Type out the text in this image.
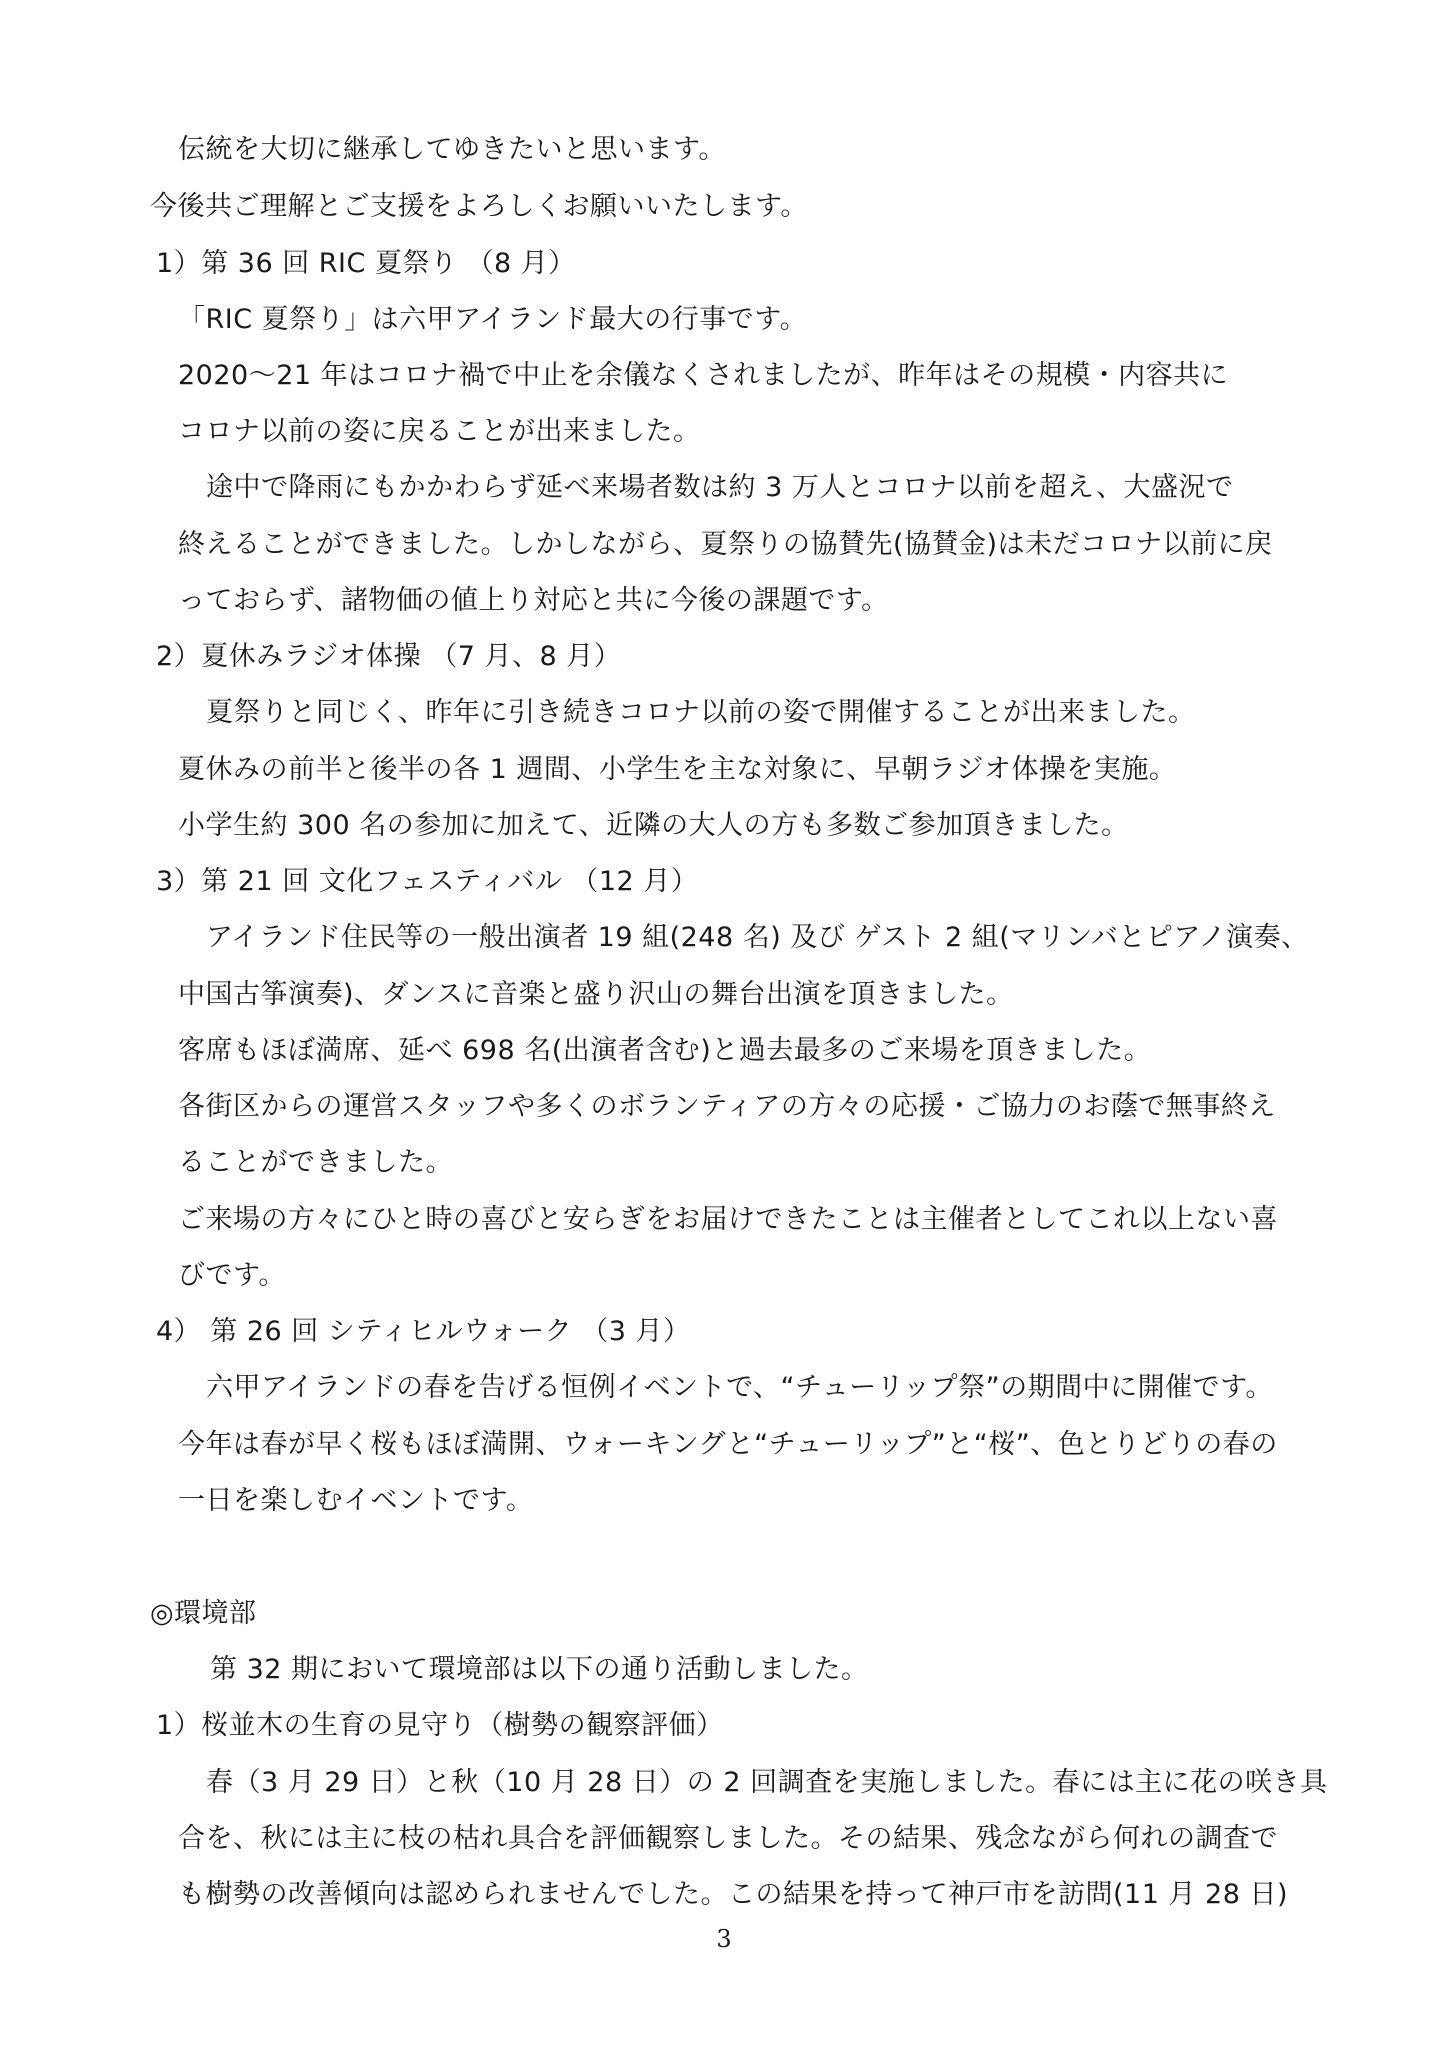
伝統を大切に継承してゆきたいと思います。

今後共ご理解とご支援をよろしくお願いいたします。

1）第 36 回 RIC 夏祭り （8 月）

「RIC 夏祭り」は六甲アイランド最大の行事です。

2020～21 年はコロナ禍で中止を余儀なくされましたが、昨年はその規模・内容共に

コロナ以前の姿に戻ることが出来ました。

途中で降雨にもかかわらず延べ来場者数は約 3 万人とコロナ以前を超え、大盛況で

終えることができました。しかしながら、夏祭りの協賛先(協賛金)は未だコロナ以前に戻

っておらず、諸物価の値上り対応と共に今後の課題です。

2）夏休みラジオ体操 （7 月、8 月）

夏祭りと同じく、昨年に引き続きコロナ以前の姿で開催することが出来ました。

夏休みの前半と後半の各 1 週間、小学生を主な対象に、早朝ラジオ体操を実施。

小学生約 300 名の参加に加えて、近隣の大人の方も多数ご参加頂きました。

3）第 21 回 文化フェスティバル （12 月）

アイランド住民等の一般出演者 19 組(248 名) 及び ゲスト 2 組(マリンバとピアノ演奏、

中国古筝演奏)、ダンスに音楽と盛り沢山の舞台出演を頂きました。

客席もほぼ満席、延べ 698 名(出演者含む)と過去最多のご来場を頂きました。

各街区からの運営スタッフや多くのボランティアの方々の応援・ご協力のお蔭で無事終え

ることができました。

ご来場の方々にひと時の喜びと安らぎをお届けできたことは主催者としてこれ以上ない喜

びです。

4） 第 26 回 シティヒルウォーク （3 月）

六甲アイランドの春を告げる恒例イベントで、“チューリップ祭”の期間中に開催です。

今年は春が早く桜もほぼ満開、ウォーキングと“チューリップ”と“桜”、色とりどりの春の

一日を楽しむイベントです。

◎環境部

第 32 期において環境部は以下の通り活動しました。

1）桜並木の生育の見守り（樹勢の観察評価）

春（3 月 29 日）と秋（10 月 28 日）の 2 回調査を実施しました。春には主に花の咲き具

合を、秋には主に枝の枯れ具合を評価観察しました。その結果、残念ながら何れの調査で

も樹勢の改善傾向は認められませんでした。この結果を持って神戸市を訪問(11 月 28 日)

3
